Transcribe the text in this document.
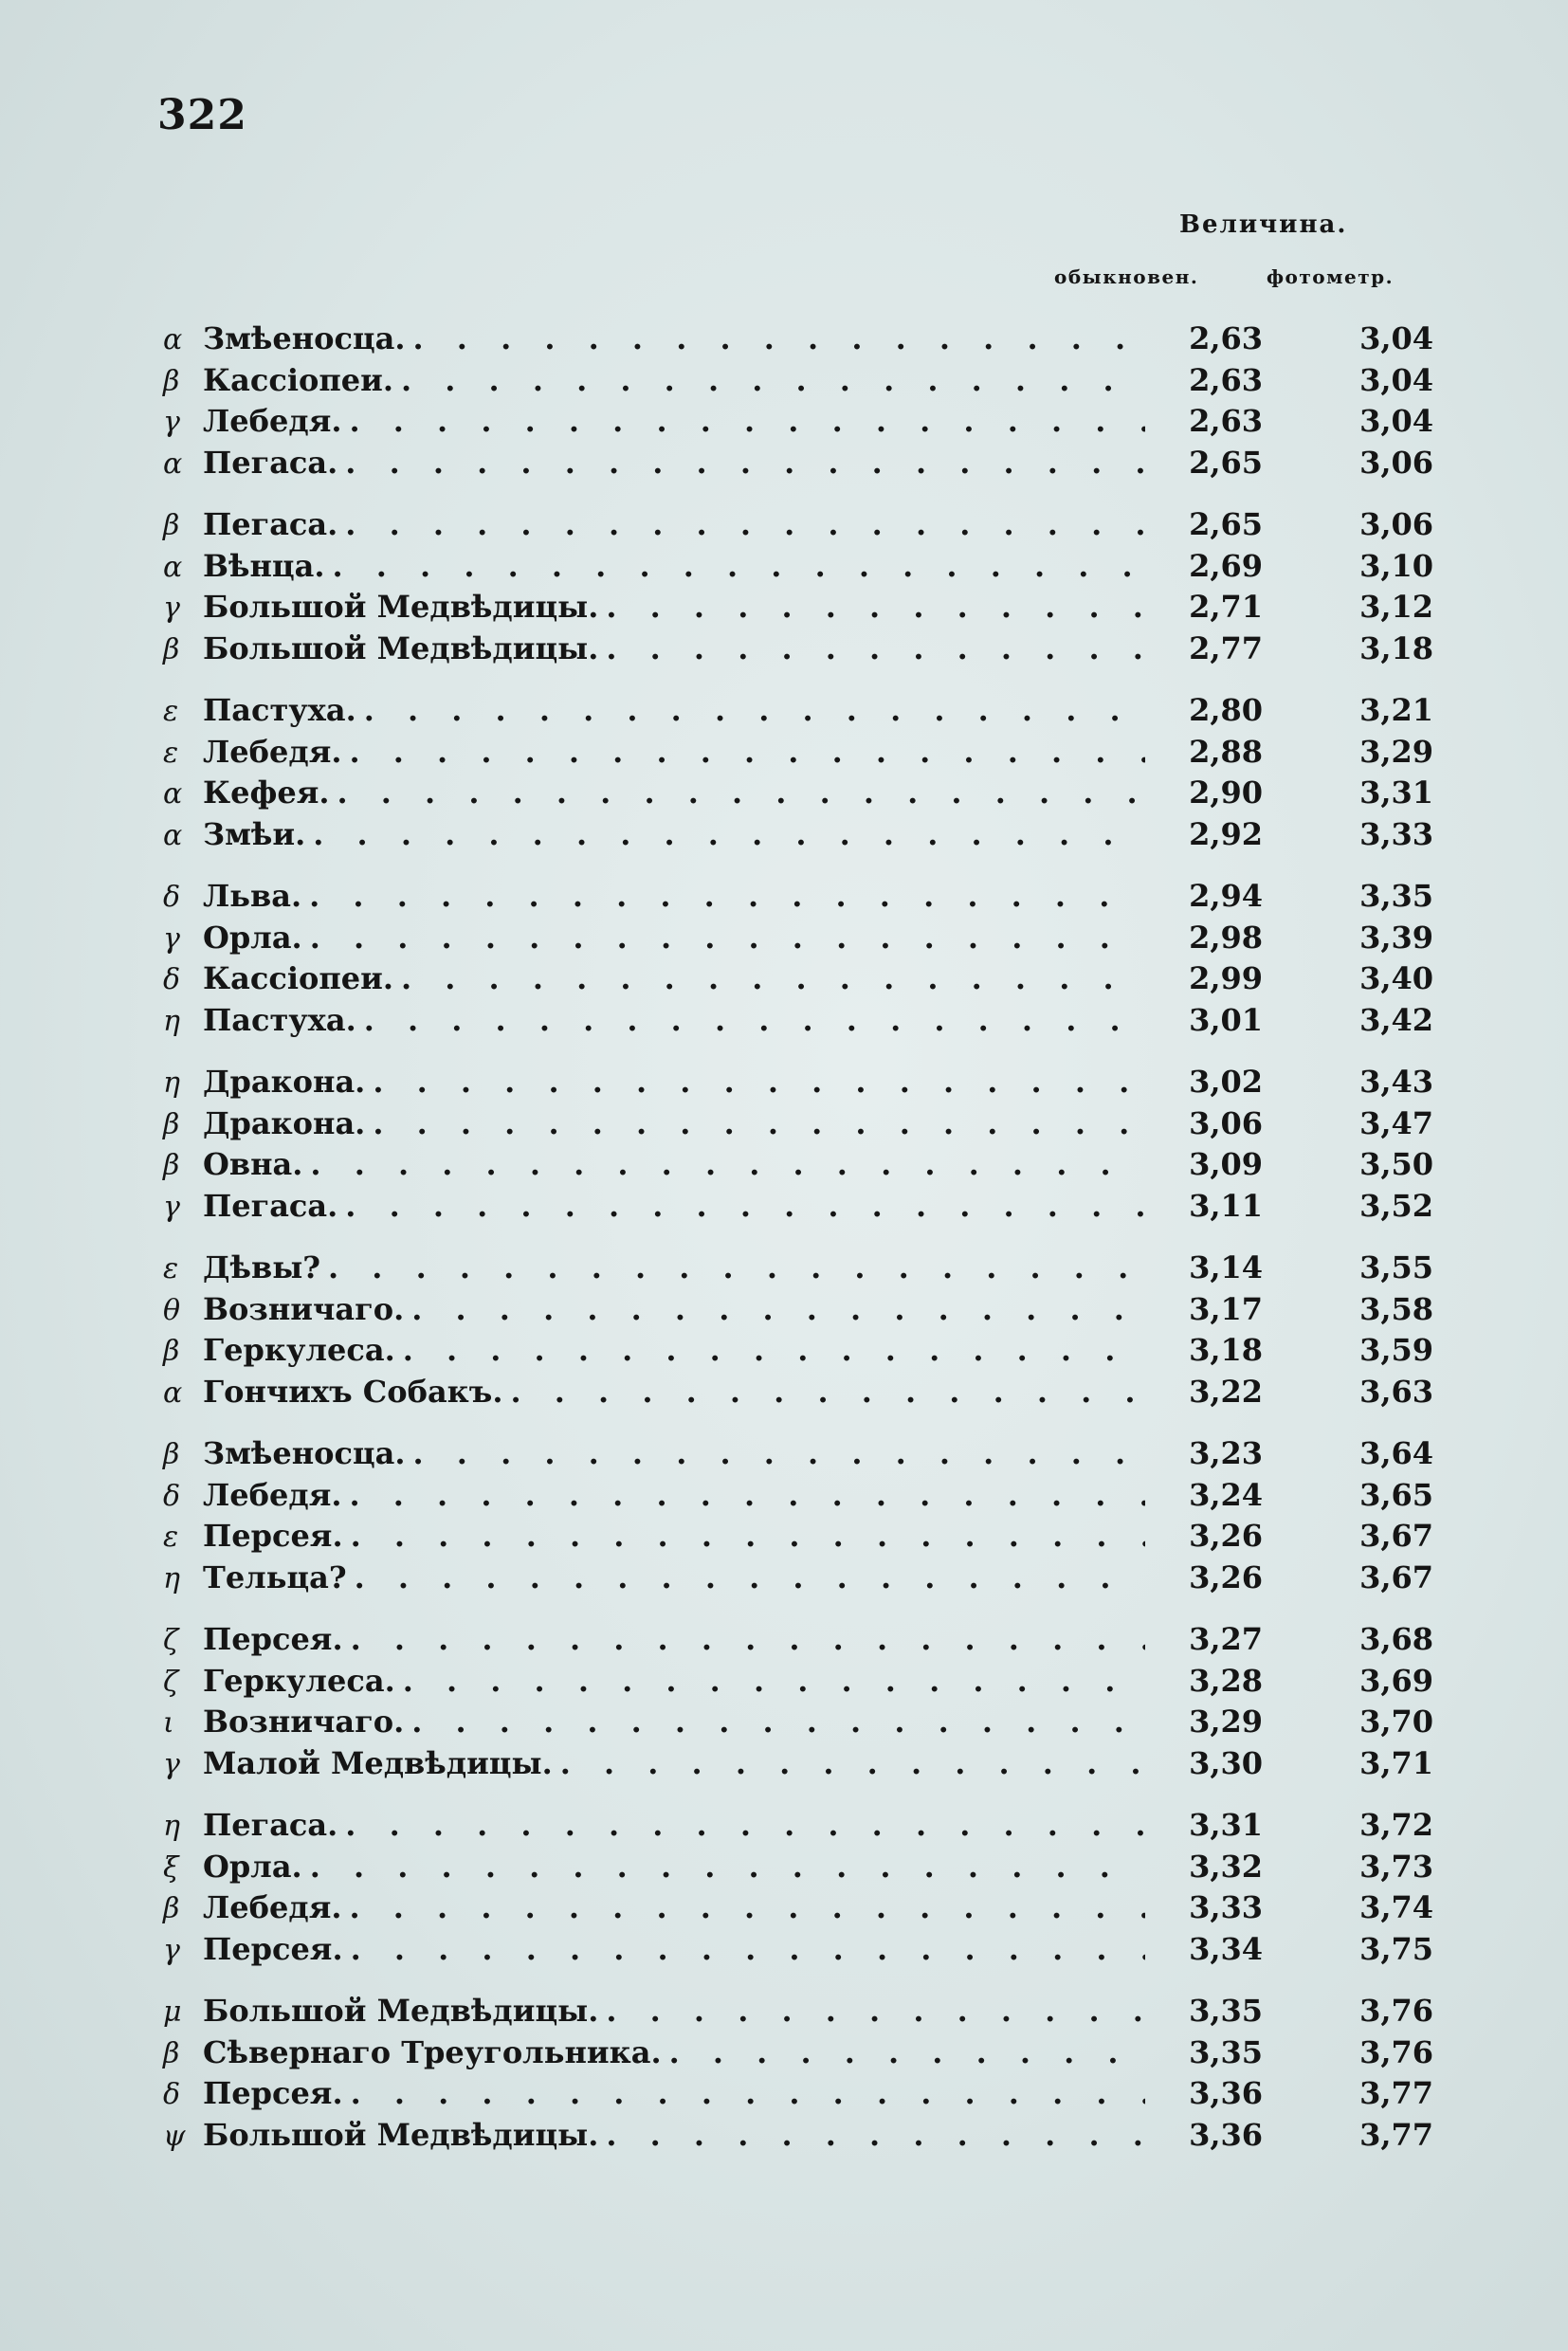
322
Величина.
обыкновен.	фотометр.
α Змѣеносца. . . .	2,63	3,04
β Кассіопеи. . . .	2,63	3,04
γ Лебедя. . . .	2,63	3,04
α Пегаса. . . .	2,65	3,06
β Пегаса. . . .	2,65	3,06
α Вѣнца. . . .	2,69	3,10
γ Большой Медвѣдицы. . . .	2,71	3,12
β Большой Медвѣдицы. . . .	2,77	3,18
ε Пастуха. . . .	2,80	3,21
ε Лебедя. . . .	2,88	3,29
α Кефея. . . .	2,90	3,31
α Змѣи. . . .	2,92	3,33
δ Льва. . . .	2,94	3,35
γ Орла. . . .	2,98	3,39
δ Кассіопеи. . . .	2,99	3,40
η Пастуха. . . .	3,01	3,42
η Дракона. . . .	3,02	3,43
β Дракона. . . .	3,06	3,47
β Овна. . . .	3,09	3,50
γ Пегаса. . . .	3,11	3,52
ε Дѣвы? . . .	3,14	3,55
θ Возничаго. . . .	3,17	3,58
β Геркулеса. . . .	3,18	3,59
α Гончихъ Собакъ. . . .	3,22	3,63
β Змѣеносца. . . .	3,23	3,64
δ Лебедя. . . .	3,24	3,65
ε Персея. . . .	3,26	3,67
η Тельца? . . .	3,26	3,67
ζ Персея. . . .	3,27	3,68
ζ Геркулеса. . . .	3,28	3,69
ι Возничаго. . . .	3,29	3,70
γ Малой Медвѣдицы. . . .	3,30	3,71
η Пегаса. . . .	3,31	3,72
ξ Орла. . . .	3,32	3,73
β Лебедя. . . .	3,33	3,74
γ Персея. . . .	3,34	3,75
μ Большой Медвѣдицы. . . .	3,35	3,76
β Сѣвернаго Треугольника. . . .	3,35	3,76
δ Персея. . . .	3,36	3,77
ψ Большой Медвѣдицы. . . .	3,36	3,77
